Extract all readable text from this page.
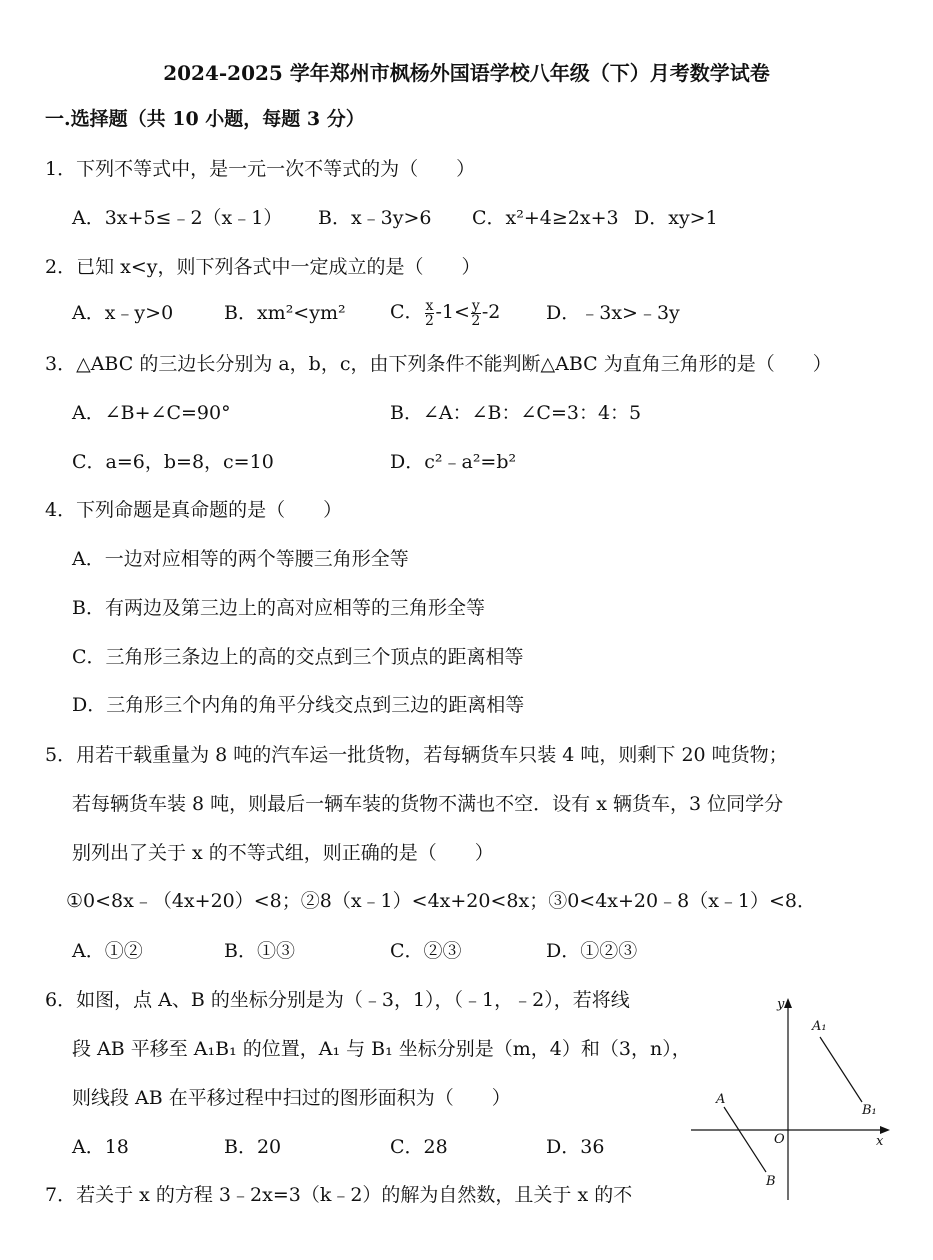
2024-2025 学年郑州市枫杨外国语学校八年级（下）月考数学试卷
一.选择题（共 10 小题，每题 3 分）
1．下列不等式中，是一元一次不等式的为（　　）
A．3x+5≤﹣2（x﹣1） B．x﹣3y>6 C．x²+4≥2x+3 D．xy>1
2．已知 x<y，则下列各式中一定成立的是（　　）
A．x﹣y>0	B．xm²<ym² C． $\frac{x}{2} -1< \frac{y}{2} -2$ D．﹣3x>﹣3y
3．△ABC 的三边长分别为 a，b，c，由下列条件不能判断△ABC 为直角三角形的是（　　）
A．∠B+∠C=90°	B．∠A：∠B：∠C=3：4：5
C．a=6，b=8，c=10	D．c²﹣a²=b²
4．下列命题是真命题的是（　　）
A．一边对应相等的两个等腰三角形全等
B．有两边及第三边上的高对应相等的三角形全等
C．三角形三条边上的高的交点到三个顶点的距离相等
D．三角形三个内角的角平分线交点到三边的距离相等
5．用若干载重量为 8 吨的汽车运一批货物，若每辆货车只装 4 吨，则剩下 20 吨货物；
若每辆货车装 8 吨，则最后一辆车装的货物不满也不空．设有 x 辆货车，3 位同学分
别列出了关于 x 的不等式组，则正确的是（　　）
①0<8x﹣（4x+20）<8；②8（x﹣1）<4x+20<8x；③0<4x+20﹣8（x﹣1）<8．
A．①②	B．①③	C．②③	D．①②③
6．如图，点 A、B 的坐标分别是为（﹣3，1），（﹣1，﹣2），若将线
段 AB 平移至 A₁B₁ 的位置，A₁ 与 B₁ 坐标分别是（m，4）和（3，n），
则线段 AB 在平移过程中扫过的图形面积为（　　）
A．18	B．20	C．28	D．36
7．若关于 x 的方程 3﹣2x=3（k﹣2）的解为自然数，且关于 x 的不
y
x
O
A
B
A₁
B₁
